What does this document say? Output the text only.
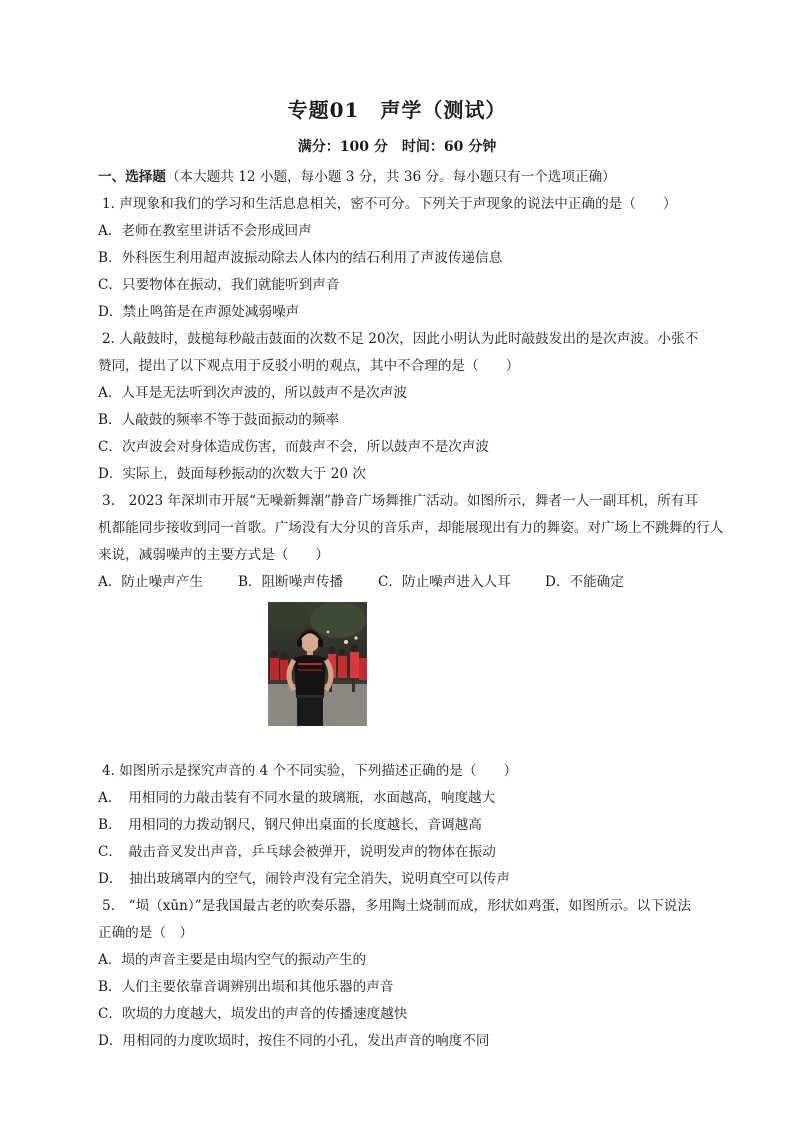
专题01　声学（测试）
满分：100 分　时间：60 分钟
一、选择题（本大题共 12 小题，每小题 3 分，共 36 分。每小题只有一个选项正确）
1. 声现象和我们的学习和生活息息相关，密不可分。下列关于声现象的说法中正确的是（　　）
A．老师在教室里讲话不会形成回声
B．外科医生利用超声波振动除去人体内的结石利用了声波传递信息
C．只要物体在振动，我们就能听到声音
D．禁止鸣笛是在声源处减弱噪声
2. 人敲鼓时，鼓槌每秒敲击鼓面的次数不足 20次，因此小明认为此时敲鼓发出的是次声波。小张不
赞同，提出了以下观点用于反驳小明的观点，其中不合理的是（　　）
A．人耳是无法听到次声波的，所以鼓声不是次声波
B．人敲鼓的频率不等于鼓面振动的频率
C．次声波会对身体造成伤害，而鼓声不会，所以鼓声不是次声波
D．实际上，鼓面每秒振动的次数大于 20 次
3.　2023 年深圳市开展“无噪新舞潮”静音广场舞推广活动。如图所示，舞者一人一副耳机，所有耳
机都能同步接收到同一首歌。广场没有大分贝的音乐声，却能展现出有力的舞姿。对广场上不跳舞的行人
来说，减弱噪声的主要方式是（　　）
A．防止噪声产生	B．阻断噪声传播	C．防止噪声进入人耳	D．不能确定
4. 如图所示是探究声音的 4 个不同实验，下列描述正确的是（　　）
A．　用相同的力敲击装有不同水量的玻璃瓶，水面越高，响度越大
B．　用相同的力拨动钢尺，钢尺伸出桌面的长度越长，音调越高
C．　敲击音叉发出声音，乒乓球会被弹开，说明发声的物体在振动
D．　抽出玻璃罩内的空气，闹铃声没有完全消失，说明真空可以传声
5.　“埙（xūn）”是我国最古老的吹奏乐器，多用陶土烧制而成，形状如鸡蛋，如图所示。以下说法
正确的是（　）
A．埙的声音主要是由埙内空气的振动产生的
B．人们主要依靠音调辨别出埙和其他乐器的声音
C．吹埙的力度越大，埙发出的声音的传播速度越快
D．用相同的力度吹埙时，按住不同的小孔，发出声音的响度不同
